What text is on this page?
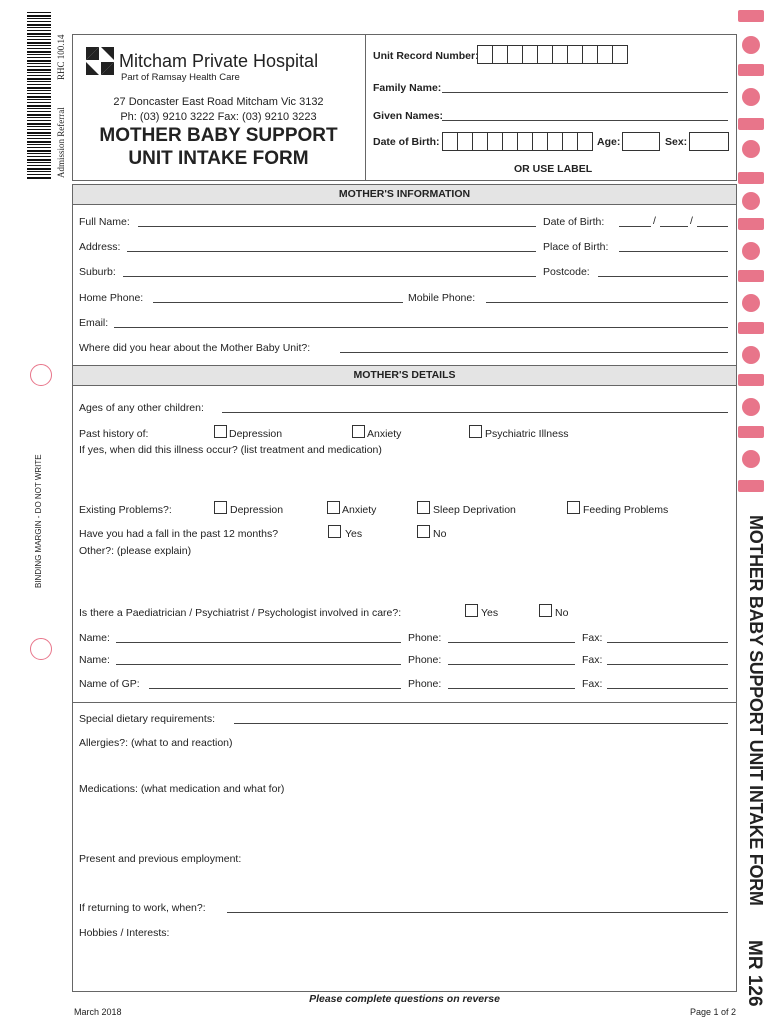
RHC 100.14
Admission Referral
BINDING MARGIN - DO NOT WRITE
Mitcham Private Hospital
Part of Ramsay Health Care
27 Doncaster East Road Mitcham Vic 3132
Ph: (03) 9210 3222 Fax: (03) 9210 3223
MOTHER BABY SUPPORT
UNIT INTAKE FORM
Unit Record Number:
Family Name:
Given Names:
Date of Birth:	Age:	Sex:
OR USE LABEL
MOTHER'S INFORMATION
Full Name:	Date of Birth:	/	/
Address:	Place of Birth:
Suburb:	Postcode:
Home Phone:	Mobile Phone:
Email:
Where did you hear about the Mother Baby Unit?:
MOTHER'S DETAILS
Ages of any other children:
Past history of:	Depression	Anxiety	Psychiatric Illness
If yes, when did this illness occur? (list treatment and medication)
Existing Problems?:	Depression	Anxiety	Sleep Deprivation	Feeding Problems
Have you had a fall in the past 12 months?	Yes	No
Other?: (please explain)
Is there a Paediatrician / Psychiatrist / Psychologist involved in care?:	Yes	No
Name:	Phone:	Fax:
Name:	Phone:	Fax:
Name of GP:	Phone:	Fax:
Special dietary requirements:
Allergies?: (what to and reaction)
Medications: (what medication and what for)
Present and previous employment:
If returning to work, when?:
Hobbies / Interests:
Please complete questions on reverse
March 2018	Page 1 of 2
MOTHER BABY SUPPORT UNIT INTAKE FORM
MR 126
